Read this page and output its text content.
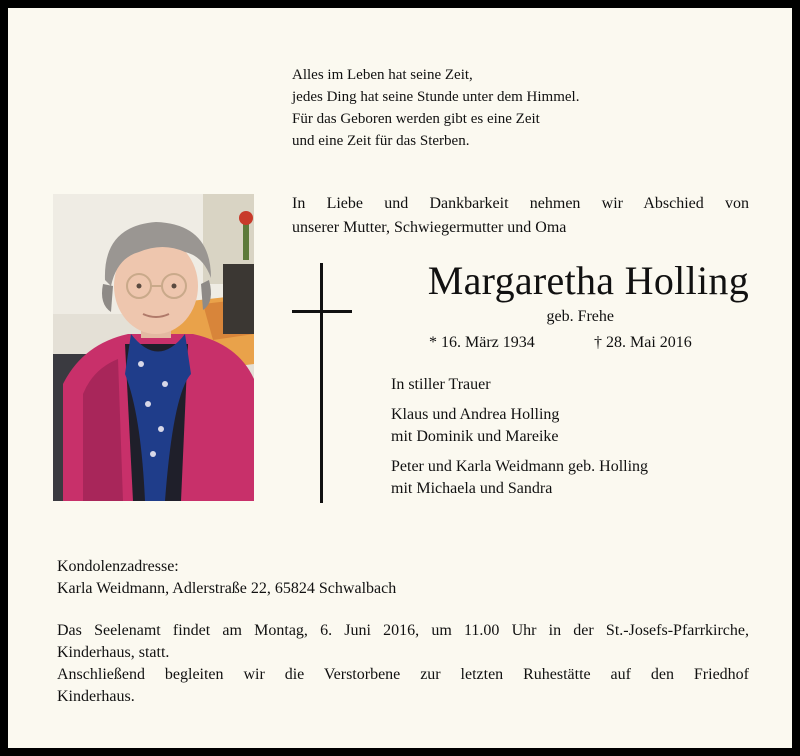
Alles im Leben hat seine Zeit,
jedes Ding hat seine Stunde unter dem Himmel.
Für das Geboren werden gibt es eine Zeit
und eine Zeit für das Sterben.
In Liebe und Dankbarkeit nehmen wir Abschied von
unserer Mutter, Schwiegermutter und Oma
Margaretha Holling
geb. Frehe
* 16. März 1934	† 28. Mai 2016
In stiller Trauer
Klaus und Andrea Holling
mit Dominik und Mareike
Peter und Karla Weidmann geb. Holling
mit Michaela und Sandra
Kondolenzadresse:
Karla Weidmann, Adlerstraße 22, 65824 Schwalbach
Das Seelenamt findet am Montag, 6. Juni 2016, um 11.00 Uhr in der St.-Josefs-Pfarrkirche,
Kinderhaus, statt.
Anschließend begleiten wir die Verstorbene zur letzten Ruhestätte auf den Friedhof
Kinderhaus.
